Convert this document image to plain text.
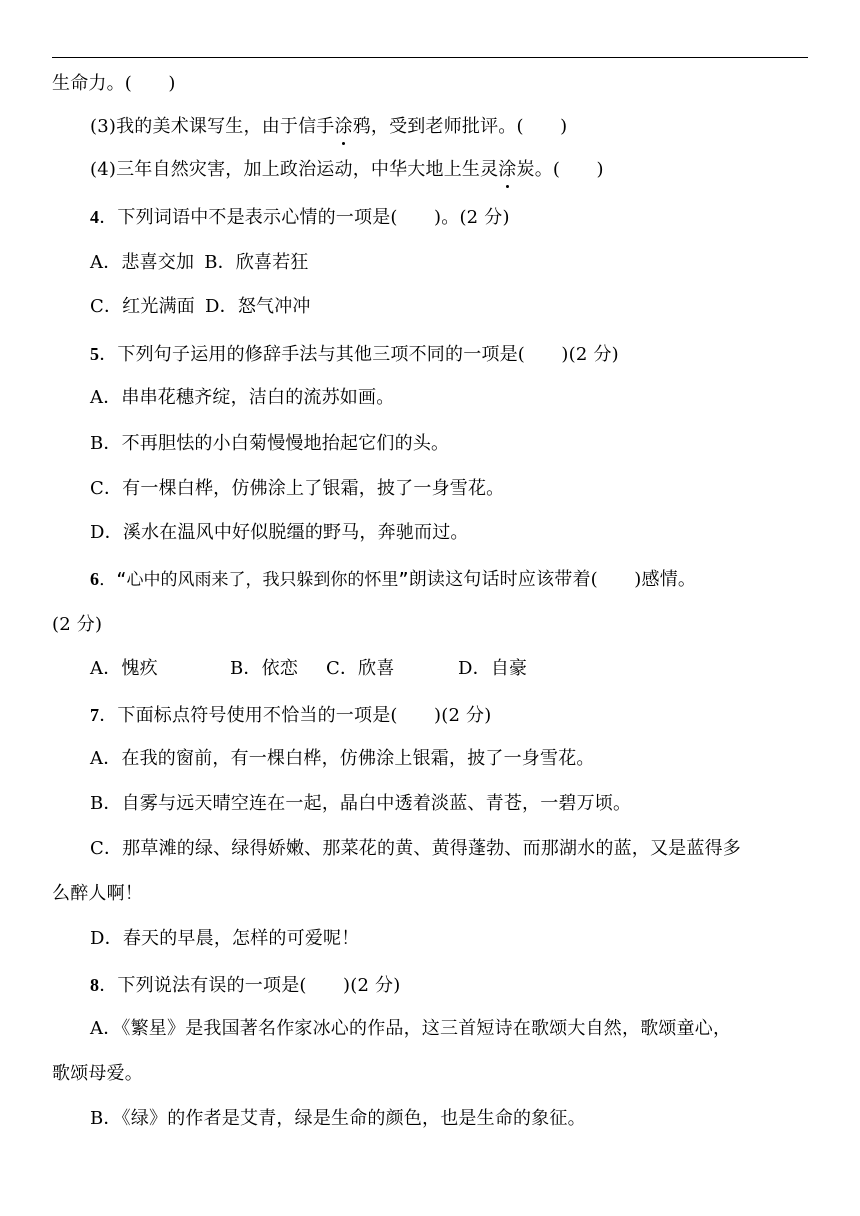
生命力。(　　)
(3)我的美术课写生，由于信手涂鸦，受到老师批评。(　　)
(4)三年自然灾害，加上政治运动，中华大地上生灵涂炭。(　　)
4．下列词语中不是表示心情的一项是(　　)。(2 分)
A．悲喜交加 B．欣喜若狂
C．红光满面 D．怒气冲冲
5．下列句子运用的修辞手法与其他三项不同的一项是(　　)(2 分)
A．串串花穗齐绽，洁白的流苏如画。
B．不再胆怯的小白菊慢慢地抬起它们的头。
C．有一棵白桦，仿佛涂上了银霜，披了一身雪花。
D．溪水在温风中好似脱缰的野马，奔驰而过。
6．“心中的风雨来了，我只躲到你的怀里”朗读这句话时应该带着(　　)感情。
(2 分)
A．愧疚	B．依恋 C．欣喜	D．自豪
7．下面标点符号使用不恰当的一项是(　　)(2 分)
A．在我的窗前，有一棵白桦，仿佛涂上银霜，披了一身雪花。
B．自雾与远天晴空连在一起，晶白中透着淡蓝、青苍，一碧万顷。
C．那草滩的绿、绿得娇嫩、那菜花的黄、黄得蓬勃、而那湖水的蓝，又是蓝得多
么醉人啊！
D．春天的早晨，怎样的可爱呢！
8．下列说法有误的一项是(　　)(2 分)
A．《繁星》是我国著名作家冰心的作品，这三首短诗在歌颂大自然，歌颂童心，
歌颂母爱。
B．《绿》的作者是艾青，绿是生命的颜色，也是生命的象征。
